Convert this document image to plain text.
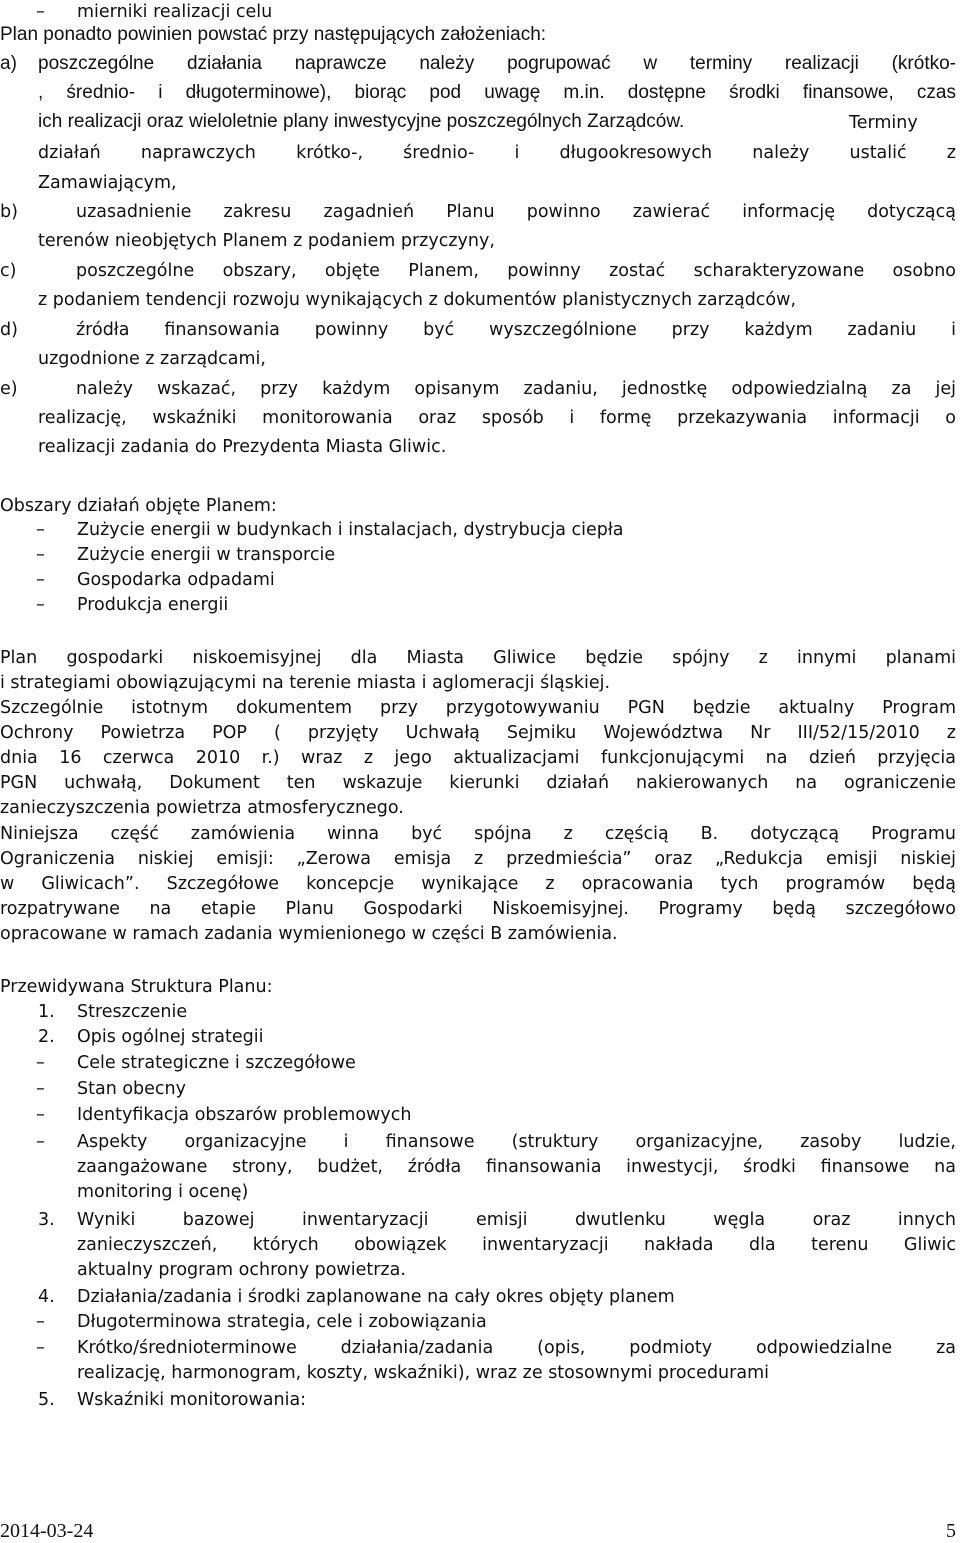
– mierniki realizacji celu
Plan ponadto powinien powstać przy następujących założeniach:
a) poszczególne działania naprawcze należy pogrupować w terminy realizacji (krótko-
, średnio- i długoterminowe), biorąc pod uwagę m.in. dostępne środki finansowe, czas
ich realizacji oraz wieloletnie plany inwestycyjne poszczególnych Zarządców.	Terminy
działań naprawczych krótko-, średnio- i długookresowych należy ustalić z
Zamawiającym,
b)	uzasadnienie zakresu zagadnień Planu powinno zawierać informację dotyczącą
terenów nieobjętych Planem z podaniem przyczyny,
c)	poszczególne obszary, objęte Planem, powinny zostać scharakteryzowane osobno
z podaniem tendencji rozwoju wynikających z dokumentów planistycznych zarządców,
d)	źródła finansowania powinny być wyszczególnione przy każdym zadaniu i
uzgodnione z zarządcami,
e)	należy wskazać, przy każdym opisanym zadaniu, jednostkę odpowiedzialną za jej
realizację, wskaźniki monitorowania oraz sposób i formę przekazywania informacji o
realizacji zadania do Prezydenta Miasta Gliwic.
Obszary działań objęte Planem:
– Zużycie energii w budynkach i instalacjach, dystrybucja ciepła
– Zużycie energii w transporcie
– Gospodarka odpadami
– Produkcja energii
Plan gospodarki niskoemisyjnej dla Miasta Gliwice będzie spójny z innymi planami
i strategiami obowiązującymi na terenie miasta i aglomeracji śląskiej.
Szczególnie istotnym dokumentem przy przygotowywaniu PGN będzie aktualny Program
Ochrony Powietrza POP ( przyjęty Uchwałą Sejmiku Województwa Nr III/52/15/2010 z
dnia 16 czerwca 2010 r.) wraz z jego aktualizacjami funkcjonującymi na dzień przyjęcia
PGN uchwałą, Dokument ten wskazuje kierunki działań nakierowanych na ograniczenie
zanieczyszczenia powietrza atmosferycznego.
Niniejsza część zamówienia winna być spójna z częścią B. dotyczącą Programu
Ograniczenia niskiej emisji: „Zerowa emisja z przedmieścia” oraz „Redukcja emisji niskiej
w Gliwicach”. Szczegółowe koncepcje wynikające z opracowania tych programów będą
rozpatrywane na etapie Planu Gospodarki Niskoemisyjnej. Programy będą szczegółowo
opracowane w ramach zadania wymienionego w części B zamówienia.
Przewidywana Struktura Planu:
1. Streszczenie
2. Opis ogólnej strategii
– Cele strategiczne i szczegółowe
– Stan obecny
– Identyfikacja obszarów problemowych
– Aspekty organizacyjne i finansowe (struktury organizacyjne, zasoby ludzie,
zaangażowane strony, budżet, źródła finansowania inwestycji, środki finansowe na
monitoring i ocenę)
3. Wyniki bazowej inwentaryzacji emisji dwutlenku węgla oraz innych
zanieczyszczeń, których obowiązek inwentaryzacji nakłada dla terenu Gliwic
aktualny program ochrony powietrza.
4. Działania/zadania i środki zaplanowane na cały okres objęty planem
– Długoterminowa strategia, cele i zobowiązania
– Krótko/średnioterminowe działania/zadania (opis, podmioty odpowiedzialne za
realizację, harmonogram, koszty, wskaźniki), wraz ze stosownymi procedurami
5. Wskaźniki monitorowania:
2014-03-24	5
